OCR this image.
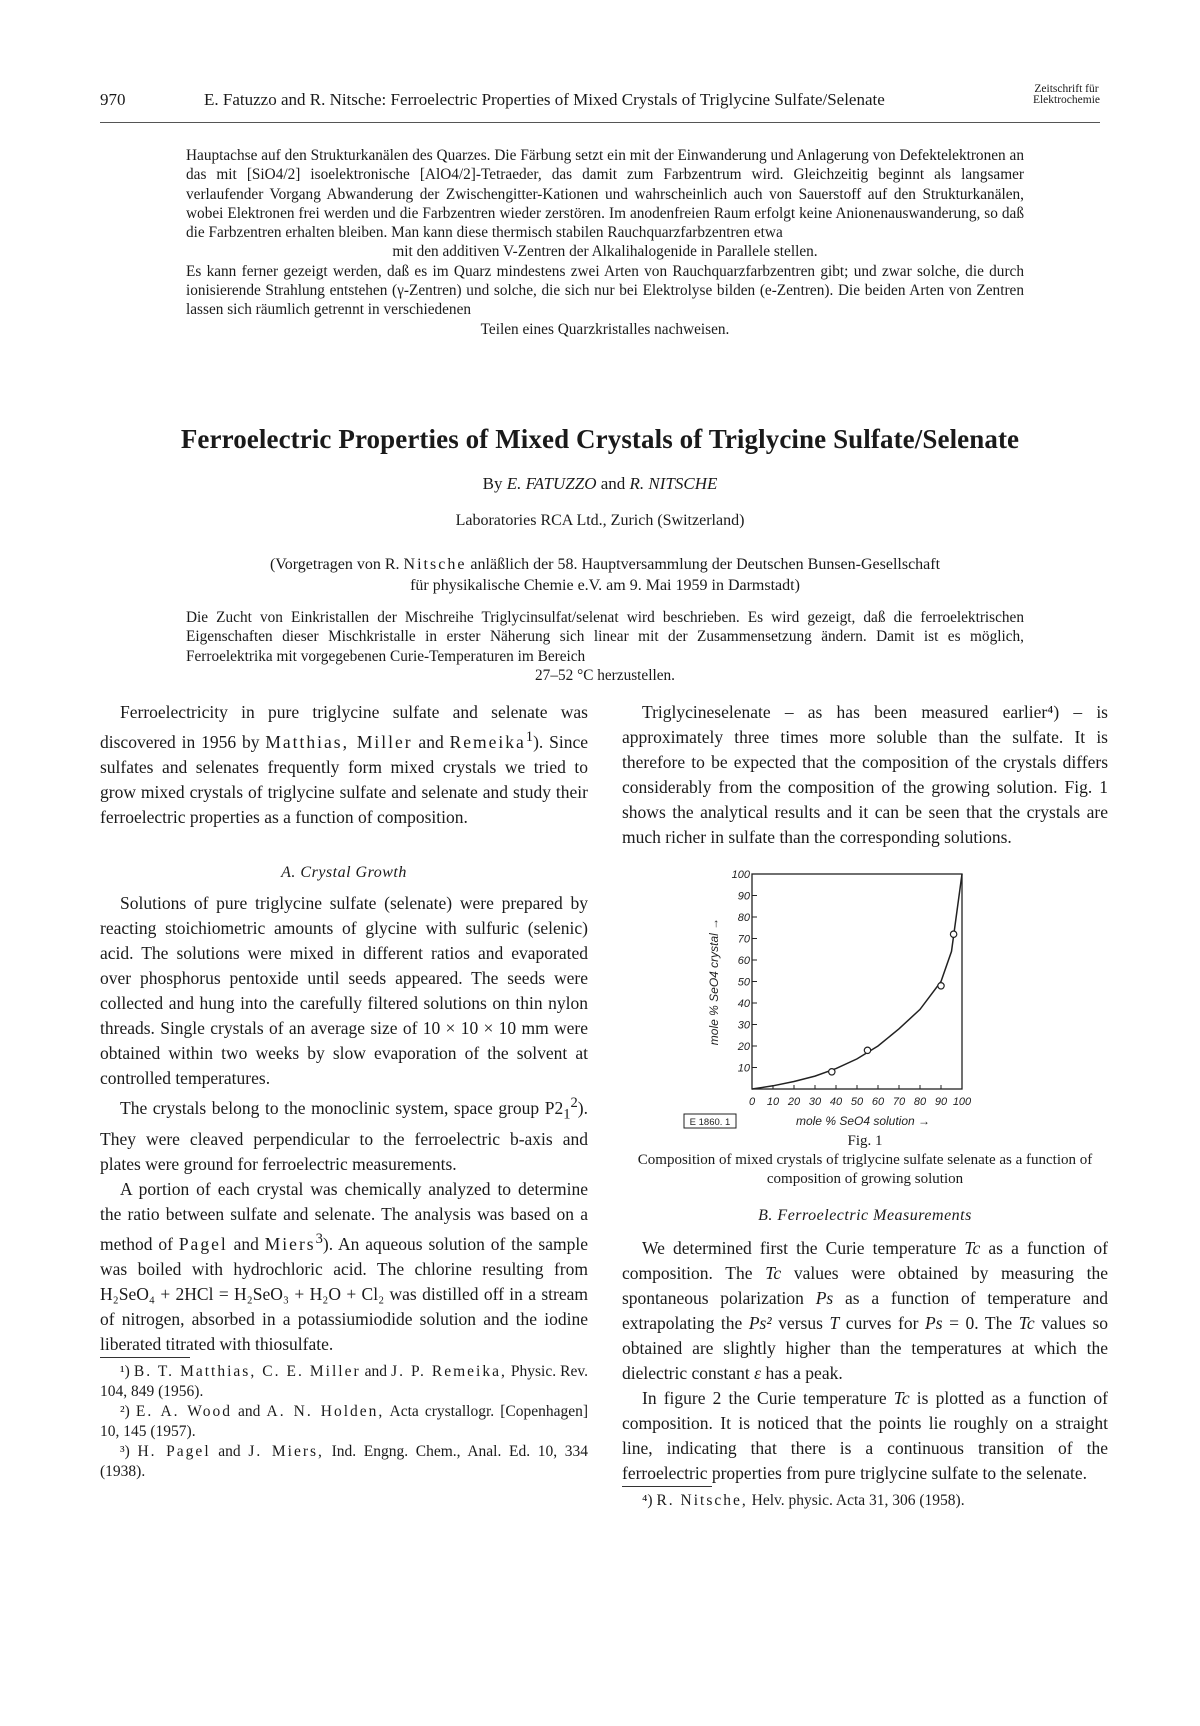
970	E. Fatuzzo and R. Nitsche: Ferroelectric Properties of Mixed Crystals of Triglycine Sulfate/Selenate
Zeitschrift für
Elektrochemie

Hauptachse auf den Strukturkanälen des Quarzes. Die Färbung setzt ein mit der Einwanderung und Anlagerung von Defektelektronen an das mit [SiO4/2] isoelektronische [AlO4/2]-Tetraeder, das damit zum Farbzentrum wird. Gleichzeitig beginnt als langsamer verlaufender Vorgang Abwanderung der Zwischengitter-Kationen und wahrscheinlich auch von Sauerstoff auf den Strukturkanälen, wobei Elektronen frei werden und die Farbzentren wieder zerstören. Im anodenfreien Raum erfolgt keine Anionenauswanderung, so daß die Farbzentren erhalten bleiben. Man kann diese thermisch stabilen Rauchquarzfarbzentren etwa

mit den additiven V-Zentren der Alkalihalogenide in Parallele stellen.

Es kann ferner gezeigt werden, daß es im Quarz mindestens zwei Arten von Rauchquarzfarbzentren gibt; und zwar solche, die durch ionisierende Strahlung entstehen (γ-Zentren) und solche, die sich nur bei Elektrolyse bilden (e-Zentren). Die beiden Arten von Zentren lassen sich räumlich getrennt in verschiedenen

Teilen eines Quarzkristalles nachweisen.

Ferroelectric Properties of Mixed Crystals of Triglycine Sulfate/Selenate
By E. FATUZZO and R. NITSCHE
Laboratories RCA Ltd., Zurich (Switzerland)
(Vorgetragen von R. Nitsche anläßlich der 58. Hauptversammlung der Deutschen Bunsen-Gesellschaft
für physikalische Chemie e.V. am 9. Mai 1959 in Darmstadt)
Die Zucht von Einkristallen der Mischreihe Triglycinsulfat/selenat wird beschrieben. Es wird gezeigt, daß die ferroelektrischen Eigenschaften dieser Mischkristalle in erster Näherung sich linear mit der Zusammensetzung ändern. Damit ist es möglich, Ferroelektrika mit vorgegebenen Curie-Temperaturen im Bereich
27–52 °C herzustellen.

Ferroelectricity in pure triglycine sulfate and selenate was discovered in 1956 by Matthias, Miller and Remeika$^1$). Since sulfates and selenates frequently form mixed crystals we tried to grow mixed crystals of triglycine sulfate and selenate and study their ferroelectric properties as a function of composition.

A. Crystal Growth

Solutions of pure triglycine sulfate (selenate) were prepared by reacting stoichiometric amounts of glycine with sulfuric (selenic) acid. The solutions were mixed in different ratios and evaporated over phosphorus pentoxide until seeds appeared. The seeds were collected and hung into the carefully filtered solutions on thin nylon threads. Single crystals of an average size of 10 × 10 × 10 mm were obtained within two weeks by slow evaporation of the solvent at controlled temperatures.

The crystals belong to the monoclinic system, space group $P2_1^2$). They were cleaved perpendicular to the ferroelectric b-axis and plates were ground for ferroelectric measurements.

A portion of each crystal was chemically analyzed to determine the ratio between sulfate and selenate. The analysis was based on a method of Pagel and Miers$^3$). An aqueous solution of the sample was boiled with hydrochloric acid. The chlorine resulting from H₂SeO₄ + 2HCl = H₂SeO₃ + H₂O + Cl₂ was distilled off in a stream of nitrogen, absorbed in a potassiumiodide solution and the iodine liberated titrated with thiosulfate.

¹) B. T. Matthias, C. E. Miller and J. P. Remeika, Physic. Rev. 104, 849 (1956).

²) E. A. Wood and A. N. Holden, Acta crystallogr. [Copenhagen] 10, 145 (1957).

³) H. Pagel and J. Miers, Ind. Engng. Chem., Anal. Ed. 10, 334 (1938).

Triglycineselenate – as has been measured earlier⁴) – is approximately three times more soluble than the sulfate. It is therefore to be expected that the composition of the crystals differs considerably from the composition of the growing solution. Fig. 1 shows the analytical results and it can be seen that the crystals are much richer in sulfate than the corresponding solutions.

10
20
30
40
50
60
70
80
90
100
0 10 20 30 40 50 60 70 80 90 100
mole % SeO4 crystal →
mole % SeO4 solution →
E 1860. 1
Fig. 1
Composition of mixed crystals of triglycine sulfate selenate as a function of composition of growing solution
B. Ferroelectric Measurements

We determined first the Curie temperature Tc as a function of composition. The Tc values were obtained by measuring the spontaneous polarization Ps as a function of temperature and extrapolating the Ps² versus T curves for Ps = 0. The Tc values so obtained are slightly higher than the temperatures at which the dielectric constant ε has a peak.

In figure 2 the Curie temperature Tc is plotted as a function of composition. It is noticed that the points lie roughly on a straight line, indicating that there is a continuous transition of the ferroelectric properties from pure triglycine sulfate to the selenate.

⁴) R. Nitsche, Helv. physic. Acta 31, 306 (1958).
